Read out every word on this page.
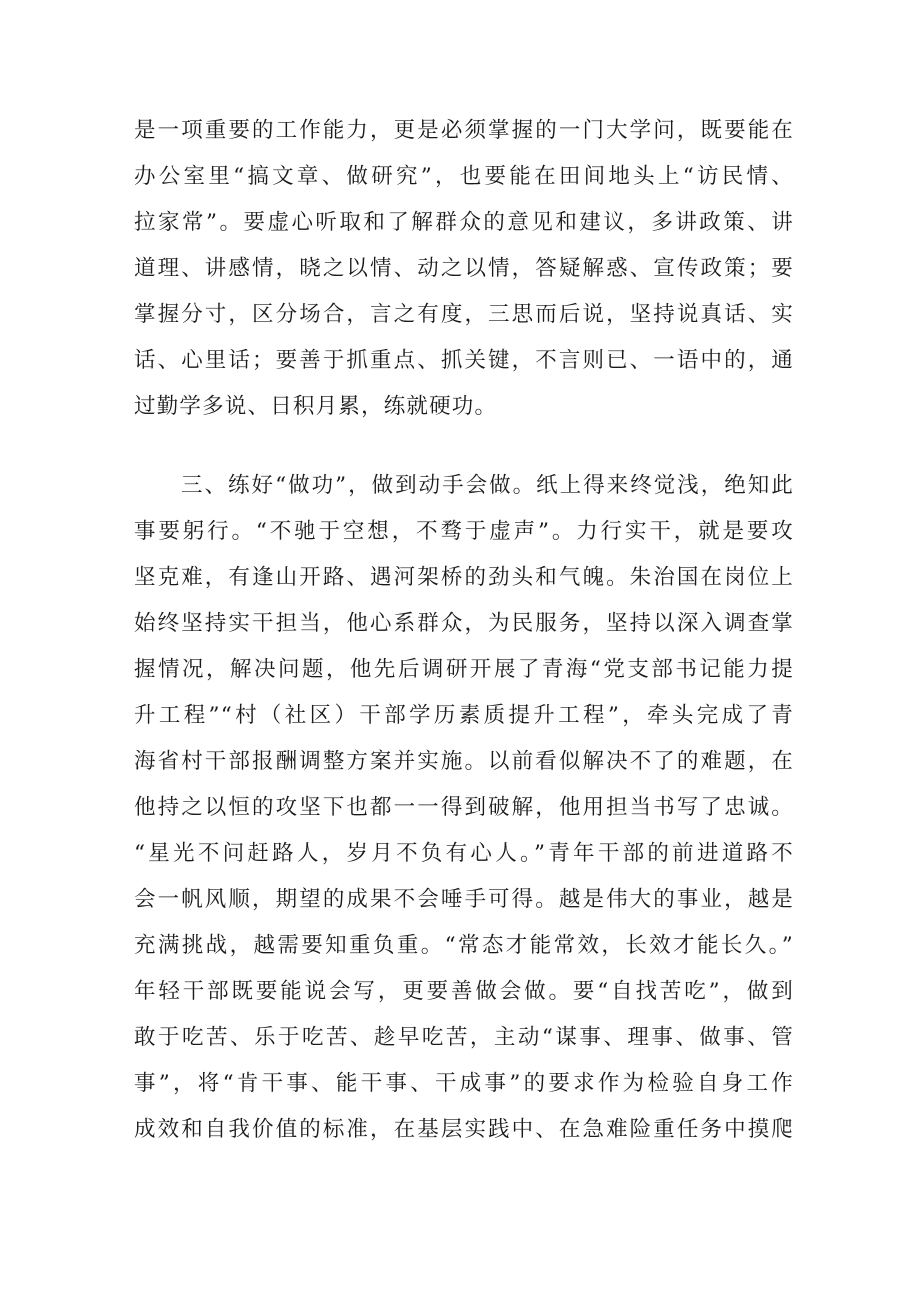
是一项重要的工作能力，更是必须掌握的一门大学问，既要能在
办公室里“搞文章、做研究”，也要能在田间地头上“访民情、
拉家常”。要虚心听取和了解群众的意见和建议，多讲政策、讲
道理、讲感情，晓之以情、动之以情，答疑解惑、宣传政策；要
掌握分寸，区分场合，言之有度，三思而后说，坚持说真话、实
话、心里话；要善于抓重点、抓关键，不言则已、一语中的，通
过勤学多说、日积月累，练就硬功。
　　三、练好“做功”，做到动手会做。纸上得来终觉浅，绝知此
事要躬行。“不驰于空想，不骛于虚声”。力行实干，就是要攻
坚克难，有逢山开路、遇河架桥的劲头和气魄。朱治国在岗位上
始终坚持实干担当，他心系群众，为民服务，坚持以深入调查掌
握情况，解决问题，他先后调研开展了青海“党支部书记能力提
升工程”“村（社区）干部学历素质提升工程”，牵头完成了青
海省村干部报酬调整方案并实施。以前看似解决不了的难题，在
他持之以恒的攻坚下也都一一得到破解，他用担当书写了忠诚。
“星光不问赶路人，岁月不负有心人。”青年干部的前进道路不
会一帆风顺，期望的成果不会唾手可得。越是伟大的事业，越是
充满挑战，越需要知重负重。“常态才能常效，长效才能长久。”
年轻干部既要能说会写，更要善做会做。要“自找苦吃”，做到
敢于吃苦、乐于吃苦、趁早吃苦，主动“谋事、理事、做事、管
事”，将“肯干事、能干事、干成事”的要求作为检验自身工作
成效和自我价值的标准，在基层实践中、在急难险重任务中摸爬
